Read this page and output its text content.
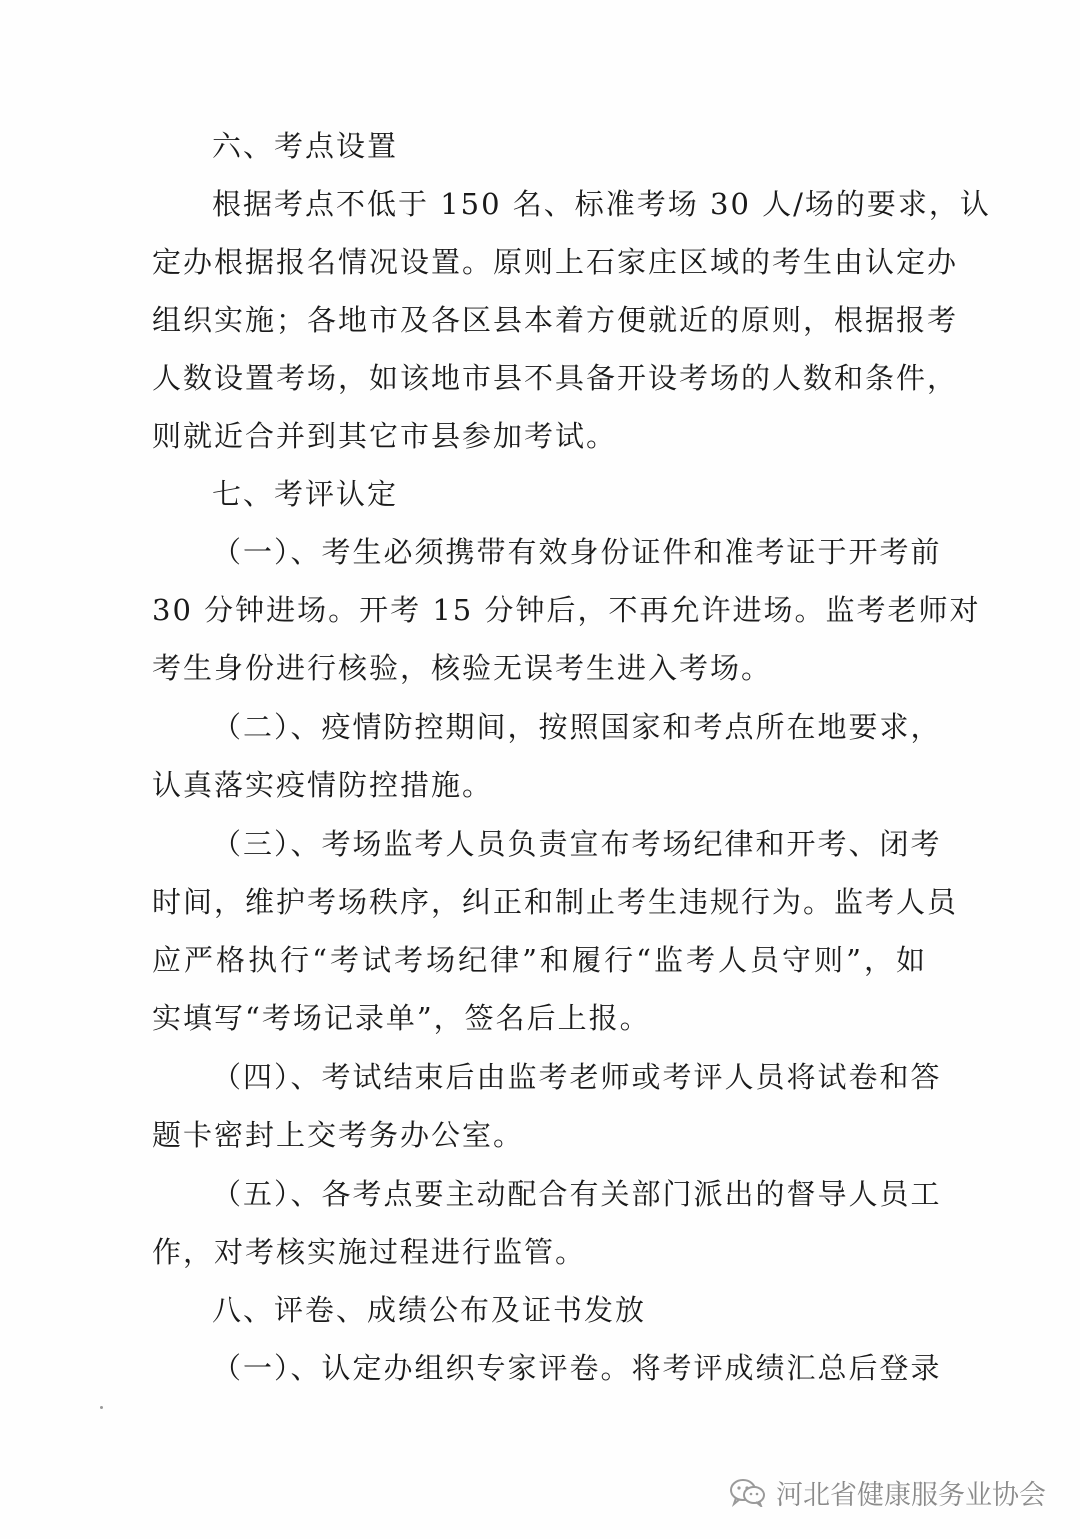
六、考点设置
根据考点不低于 150 名、标准考场 30 人/场的要求，认
定办根据报名情况设置。原则上石家庄区域的考生由认定办
组织实施；各地市及各区县本着方便就近的原则，根据报考
人数设置考场，如该地市县不具备开设考场的人数和条件，
则就近合并到其它市县参加考试。
七、考评认定
（一）、考生必须携带有效身份证件和准考证于开考前
30 分钟进场。开考 15 分钟后，不再允许进场。监考老师对
考生身份进行核验，核验无误考生进入考场。
（二）、疫情防控期间，按照国家和考点所在地要求，
认真落实疫情防控措施。
（三）、考场监考人员负责宣布考场纪律和开考、闭考
时间，维护考场秩序，纠正和制止考生违规行为。监考人员
应严格执行“考试考场纪律”和履行“监考人员守则”，如
实填写“考场记录单”，签名后上报。
（四）、考试结束后由监考老师或考评人员将试卷和答
题卡密封上交考务办公室。
（五）、各考点要主动配合有关部门派出的督导人员工
作，对考核实施过程进行监管。
八、评卷、成绩公布及证书发放
（一）、认定办组织专家评卷。将考评成绩汇总后登录
河北省健康服务业协会
